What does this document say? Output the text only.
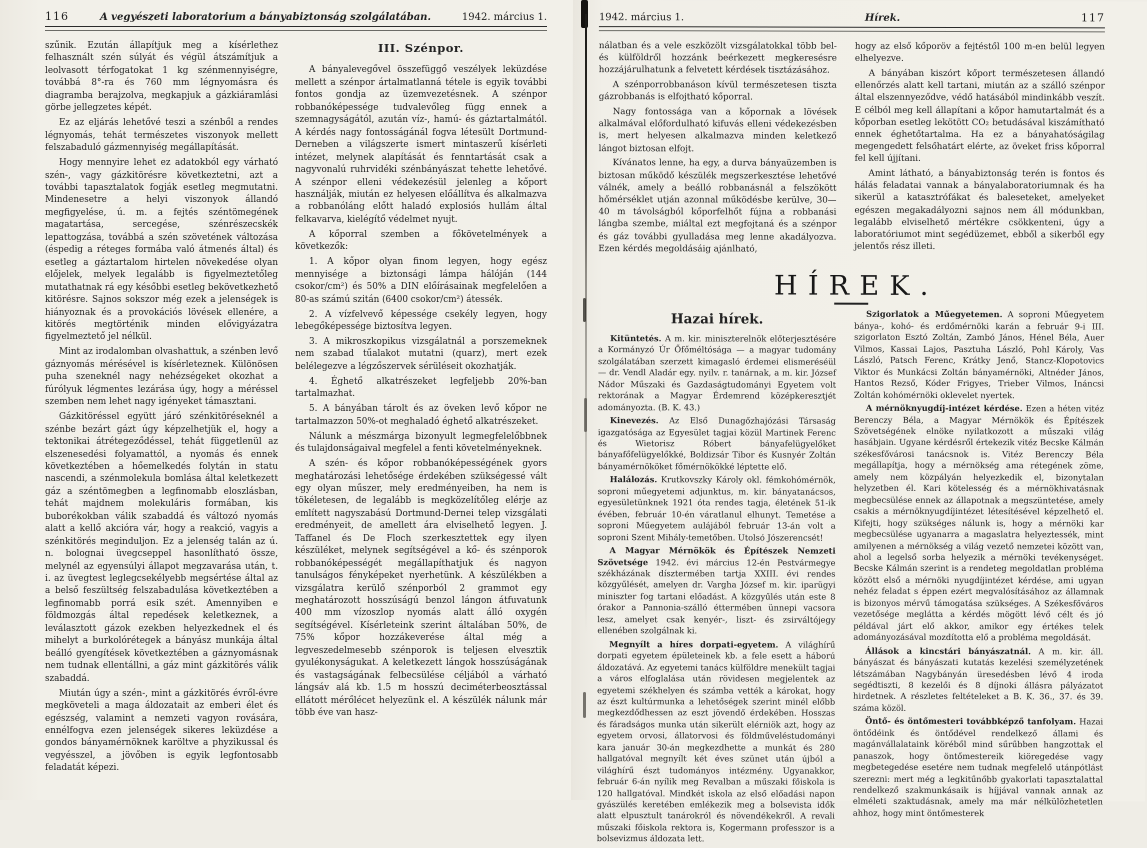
116	A vegyészeti laboratorium a bányabiztonság szolgálatában.	1942. március 1.

szűnik. Ezután állapítjuk meg a kísérlethez felhasznált szén súlyát és végül átszámítjuk a leolvasott térfogatokat 1 kg szénmennyiségre, továbbá 8°-ra és 760 mm légnyomásra és diagramba berajzolva, megkapjuk a gázkiáramlási görbe jellegzetes képét.

Ez az eljárás lehetővé teszi a szénből a rendes légnyomás, tehát természetes viszonyok mellett felszabaduló gázmennyiség megállapítását.

Hogy mennyire lehet ez adatokból egy várható szén-, vagy gázkitörésre következtetni, azt a további tapasztalatok fogják esetleg megmutatni. Mindenesetre a helyi viszonyok állandó megfigyelése, ú. m. a fejtés széntömegének magatartása, sercegése, szénrészecskék lepattogzása, továbbá a szén szövetének változása (éspedig a réteges formába való átmenés által) és esetleg a gáztartalom hirtelen növekedése olyan előjelek, melyek legalább is figyelmeztetőleg mutathatnak rá egy későbbi esetleg bekövetkezhető kitörésre. Sajnos sokszor még ezek a jelenségek is hiányoznak és a provokációs lövések ellenére, a kitörés megtörténik minden elővigyázatra figyelmeztető jel nélkül.

Mint az irodalomban olvashattuk, a szénben levő gáznyomás mérésével is kísérleteznek. Különösen puha szeneknél nagy nehézségeket okozhat a fúrólyuk légmentes lezárása úgy, hogy a méréssel szemben nem lehet nagy igényeket támasztani.

Gázkitöréssel együtt járó szénkitöréseknél a szénbe bezárt gázt úgy képzelhetjük el, hogy a tektonikai átrétegeződéssel, tehát függetlenül az elszenesedési folyamattól, a nyomás és ennek következtében a hőemelkedés folytán in statu nascendi, a szénmolekula bomlása által keletkezett gáz a széntömegben a legfinomabb eloszlásban, tehát majdnem molekuláris formában, kis buborékokban válik szabaddá és változó nyomás alatt a kellő akcióra vár, hogy a reakció, vagyis a szénkitörés meginduljon. Ez a jelenség talán az ú. n. bolognai üvegcseppel hasonlítható össze, melynél az egyensúlyi állapot megzavarása után, t. i. az üvegtest leglegcsekélyebb megsértése által az a belső feszültség felszabadulása következtében a legfinomabb porrá esik szét. Amennyiben e földmozgás által repedések keletkeznek, a leválasztott gázok ezekben helyezkednek el és mihelyt a burkolórétegek a bányász munkája által beálló gyengítések következtében a gáznyomásnak nem tudnak ellentállni, a gáz mint gázkitörés válik szabaddá.

Miután úgy a szén-, mint a gázkitörés évről-évre megköveteli a maga áldozatait az emberi élet és egészség, valamint a nemzeti vagyon rovására, ennélfogva ezen jelenségek sikeres leküzdése a gondos bányamérnöknek karöltve a phyzikussal és vegyésszel, a jövőben is egyik legfontosabb feladatát képezi.

III. Szénpor.

A bányalevegővel összefüggő veszélyek leküzdése mellett a szénpor ártalmatlanná tétele is egyik további fontos gondja az üzemvezetésnek. A szénpor robbanóképessége tudvalevőleg függ ennek a szemnagyságától, azután víz-, hamú- és gáztartalmától. A kérdés nagy fontosságánál fogva létesült Dortmund-Derneben a világszerte ismert mintaszerű kísérleti intézet, melynek alapítását és fenntartását csak a nagyvonalú ruhrvidéki szénbányászat tehette lehetővé. A szénpor elleni védekezésül jelenleg a kőport használják, miután ez helyesen előállítva és alkalmazva a robbanóláng előtt haladó explosiós hullám által felkavarva, kielégítő védelmet nyujt.

A kőporral szemben a főkövetelmények a következők:

1. A kőpor olyan finom legyen, hogy egész mennyisége a biztonsági lámpa hálóján (144 csokor/cm²) és 50% a DIN előírásainak megfelelően a 80-as számú szitán (6400 csokor/cm²) átessék.

2. A vízfelvevő képessége csekély legyen, hogy lebegőképessége biztosítva legyen.

3. A mikroszkopikus vizsgálatnál a porszemeknek nem szabad tűalakot mutatni (quarz), mert ezek belélegezve a légzőszervek sérüléseit okozhatják.

4. Éghető alkatrészeket legfeljebb 20%-ban tartalmazhat.

5. A bányában tárolt és az öveken levő kőpor ne tartalmazzon 50%-ot meghaladó éghető alkatrészeket.

Nálunk a mészmárga bizonyult legmegfelelőbbnek és tulajdonságaival megfelel a fenti követelményeknek.

A szén- és kőpor robbanóképességének gyors meghatározási lehetősége érdekében szükségessé vált egy olyan műszer, mely eredményeiben, ha nem is tökéletesen, de legalább is megközelítőleg elérje az említett nagyszabású Dortmund-Dernei telep vizsgálati eredményeit, de amellett ára elviselhető legyen. J. Taffanel és De Floch szerkesztettek egy ilyen készüléket, melynek segítségével a kő- és szénporok robbanóképességét megállapíthatjuk és nagyon tanulságos fényképeket nyerhetünk. A készülékben a vizsgálatra kerülő szénporból 2 grammot egy meghatározott hosszúságú benzol lángon átfuvatunk 400 mm vízoszlop nyomás alatt álló oxygén segítségével. Kísérleteink szerint általában 50%, de 75% kőpor hozzákeverése által még a legveszedelmesebb szénporok is teljesen elvesztik gyulékonyságukat. A keletkezett lángok hosszúságának és vastagságának felbecsülése céljából a várható lángsáv alá kb. 1.5 m hosszú deciméterbeosztással ellátott mérőlécet helyezünk el. A készülék nálunk már több éve van hasz-

1942. március 1.	Hírek.	117

nálatban és a vele eszközölt vizsgálatokkal több bel- és külföldről hozzánk beérkezett megkeresésre hozzájárulhatunk a felvetett kérdések tisztázásához.

A szénporrobbanáson kívül természetesen tiszta gázrobbanás is elfojtható kőporral.

Nagy fontossága van a kőpornak a lövések alkalmával előfordulható kifuvás elleni védekezésben is, mert helyesen alkalmazva minden keletkező lángot biztosan elfojt.

Kívánatos lenne, ha egy, a durva bányaüzemben is biztosan működő készülék megszerkesztése lehetővé válnék, amely a beálló robbanásnál a felszökött hőmérséklet utján azonnal működésbe kerülve, 30—40 m távolságból kőporfelhőt fújna a robbanási lángba szembe, miáltal ezt megfojtaná és a szénpor és gáz további gyulladása meg lenne akadályozva. Ezen kérdés megoldásáig ajánlható,

hogy az első kőporöv a fejtéstől 100 m-en belül legyen elhelyezve.

A bányában kiszórt kőport természetesen állandó ellenőrzés alatt kell tartani, miután az a szálló szénpor által elszennyeződve, védő hatásából mindinkább veszít. E célból meg kell állapítani a kőpor hamutartalmát és a kőporban esetleg lekötött CO₂ betudásával kiszámítható ennek éghetőtartalma. Ha ez a bányahatóságilag megengedett felsőhatárt elérte, az öveket friss kőporral fel kell újjítani.

Amint látható, a bányabiztonság terén is fontos és hálás feladatai vannak a bányalaboratoriumnak és ha sikerül a katasztrófákat és baleseteket, amelyeket egészen megakadályozni sajnos nem áll módunkban, legalább elviselhető mértékre csökkenteni, úgy a laboratóriumot mint segédüzemet, ebből a sikerből egy jelentős rész illeti.

HÍREK.
Hazai hírek.

Kitüntetés. A m. kir. miniszterelnök előterjesztésére a Kormányzó Úr Őfőméltósága — a magyar tudomány szolgálatában szerzett kimagasló érdemei elismeréséül — dr. Vendl Aladár egy. nyilv. r. tanárnak, a m. kir. József Nádor Műszaki és Gazdaságtudományi Egyetem volt rektorának a Magyar Érdemrend középkeresztjét adományozta. (B. K. 43.)

Kinevezés. Az Első Dunagőzhajózási Társaság igazgatósága az Egyesület tagjai közül Martinek Ferenc és Wietorisz Róbert bányafelügyelőket bányafőfelügyelőkké, Boldizsár Tibor és Kusnyér Zoltán bányamérnököket főmérnökökké léptette elő.

Halálozás. Krutkovszky Károly okl. fémkohómérnök, soproni műegyetemi adjunktus, m. kir. bányatanácsos, egyesületünknek 1921 óta rendes tagja, életének 51-ik évében, február 10-én váratlanul elhunyt. Temetése a soproni Műegyetem aulájából február 13-án volt a soproni Szent Mihály-temetőben. Utolsó Jószerencsét!

A Magyar Mérnökök és Építészek Nemzeti Szövetsége 1942. évi március 12-én Pestvármegye székházának dísztermében tartja XXIII. évi rendes közgyűlését, amelyen dr. Vargha József m. kir. iparügyi miniszter fog tartani előadást. A közgyűlés után este 8 órakor a Pannonia-szálló éttermében ünnepi vacsora lesz, amelyet csak kenyér-, liszt- és zsirváltójegy ellenében szolgálnak ki.

Megnyílt a híres dorpati-egyetem. A világhírű dorpati egyetem épületeinek kb. a fele esett a háború áldozatává. Az egyetemi tanács külföldre menekült tagjai a város elfoglalása után rövidesen megjelentek az egyetemi székhelyen és számba vették a károkat, hogy az észt kultúrmunka a lehetőségek szerint minél előbb megkezdődhessen az eszt jövendő érdekében. Hosszas és fáradságos munka után sikerült elérniök azt, hogy az egyetem orvosi, állatorvosi és földműveléstudományi kara január 30-án megkezdhette a munkát és 280 hallgatóval megnyílt két éves szünet után újból a világhírű észt tudományos intézmény. Ugyanakkor, február 6-án nyílik meg Revalban a műszaki főiskola is 120 hallgatóval. Mindkét iskola az első előadási napon gyászülés keretében emlékezik meg a bolsevista idők alatt elpusztult tanárokról és növendékekről. A revali műszaki főiskola rektora is, Kogermann professzor is a bolsevizmus áldozata lett.

Szigorlatok a Műegyetemen. A soproni Műegyetem bánya-, kohó- és erdőmérnöki karán a február 9-i III. szigorlaton Esztó Zoltán, Zambó János, Hénel Béla, Auer Vilmos, Kassai Lajos, Pasztuha László, Pohl Károly, Vas László, Patsch Ferenc, Krátky Jenő, Stancz-Klopotovics Viktor és Munkácsi Zoltán bányamérnöki, Altnéder János, Hantos Rezső, Kóder Frigyes, Trieber Vilmos, Ináncsi Zoltán kohómérnöki oklevelet nyertek.

A mérnöknyugdíj-intézet kérdése. Ezen a héten vitéz Berenczy Béla, a Magyar Mérnökök és Építészek Szövetségének elnöke nyilatkozott a műszaki világ hasábjain. Ugyane kérdésről értekezik vitéz Becske Kálmán székesfővárosi tanácsnok is. Vitéz Berenczy Béla megállapítja, hogy a mérnökség ama rétegének zöme, amely nem közpályán helyezkedik el, bizonytalan helyzetben él. Kari kötelesség és a mérnökhivatásnak megbecsülése ennek az állapotnak a megszüntetése, amely csakis a mérnöknyugdíjintézet létesítésével képzelhető el. Kifejti, hogy szükséges nálunk is, hogy a mérnöki kar megbecsülése ugyanarra a magaslatra helyeztessék, mint amilyenen a mérnökség a világ vezető nemzetei között van, ahol a legelső sorba helyezik a mérnöki tevékenységet. Becske Kálmán szerint is a rendeteg megoldatlan probléma között első a mérnöki nyugdíjintézet kérdése, ami ugyan nehéz feladat s éppen ezért megvalósításához az államnak is bizonyos mérvű támogatása szükséges. A Székesfőváros vezetősége meglátta a kérdés mögött lévő célt és jó példával járt elő akkor, amikor egy értékes telek adományozásával mozdította elő a probléma megoldását.

Állások a kincstári bányászatnál. A m. kir. áll. bányászat és bányászati kutatás kezelési személyzetének létszámában Nagybányán üresedésben lévő 4 iroda segédtiszti, 8 kezelői és 8 díjnoki állásra pályázatot hirdetnek. A részletes feltételeket a B. K. 36., 37. és 39. száma közöl.

Öntő- és öntőmesteri továbbképző tanfolyam. Hazai öntődéink és öntődével rendelkező állami és magánvállalataink köréből mind sűrűbben hangzottak el panaszok, hogy öntőmestereik kiöregedése vagy megbetegedése esetére nem tudnak megfelelő utánpótlást szerezni: mert még a legkitűnőbb gyakorlati tapasztalattal rendelkező szakmunkásaik is híjjával vannak annak az elméleti szaktudásnak, amely ma már nélkülözhetetlen ahhoz, hogy mint öntőmesterek
